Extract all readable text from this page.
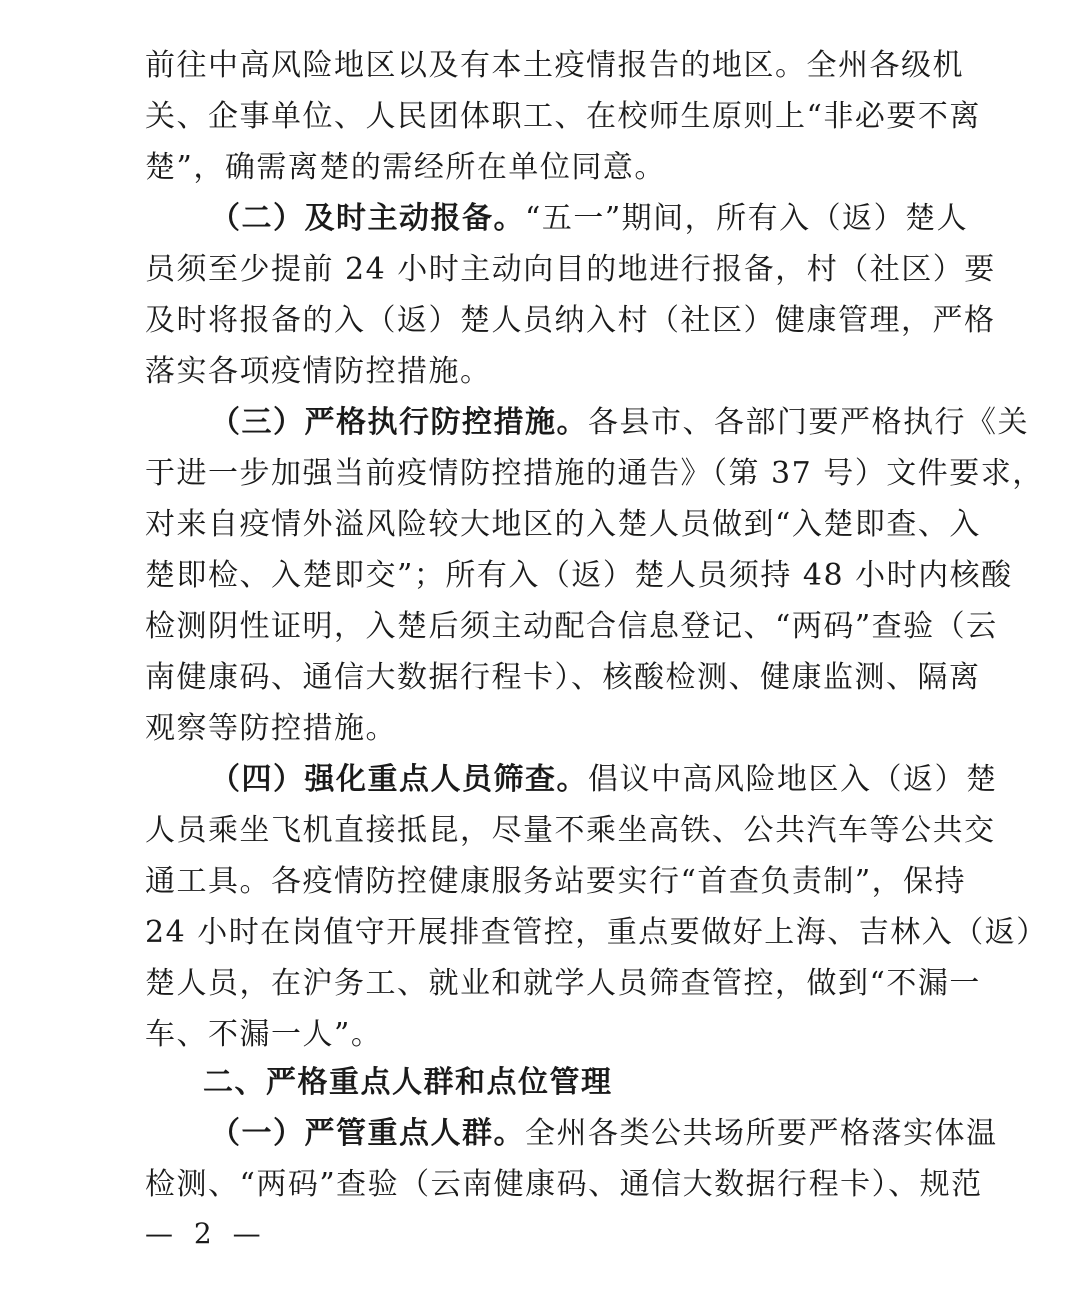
前往中高风险地区以及有本土疫情报告的地区。全州各级机
关、企事单位、人民团体职工、在校师生原则上“非必要不离
楚”，确需离楚的需经所在单位同意。
（二）及时主动报备。“五一”期间，所有入（返）楚人
员须至少提前 24 小时主动向目的地进行报备，村（社区）要
及时将报备的入（返）楚人员纳入村（社区）健康管理，严格
落实各项疫情防控措施。
（三）严格执行防控措施。各县市、各部门要严格执行《关
于进一步加强当前疫情防控措施的通告》（第 37 号）文件要求，
对来自疫情外溢风险较大地区的入楚人员做到“入楚即查、入
楚即检、入楚即交”；所有入（返）楚人员须持 48 小时内核酸
检测阴性证明，入楚后须主动配合信息登记、“两码”查验（云
南健康码、通信大数据行程卡）、核酸检测、健康监测、隔离
观察等防控措施。
（四）强化重点人员筛查。倡议中高风险地区入（返）楚
人员乘坐飞机直接抵昆，尽量不乘坐高铁、公共汽车等公共交
通工具。各疫情防控健康服务站要实行“首查负责制”，保持
24 小时在岗值守开展排查管控，重点要做好上海、吉林入（返）
楚人员，在沪务工、就业和就学人员筛查管控，做到“不漏一
车、不漏一人”。
二、严格重点人群和点位管理
（一）严管重点人群。全州各类公共场所要严格落实体温
检测、“两码”查验（云南健康码、通信大数据行程卡）、规范
— 2 —
